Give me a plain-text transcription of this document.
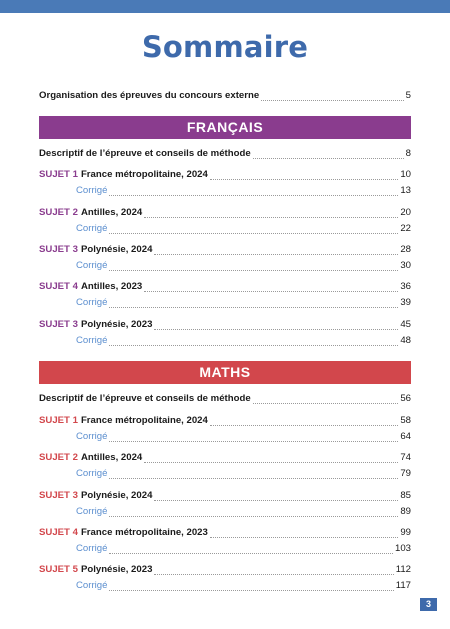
Sommaire
Organisation des épreuves du concours externe	5
FRANÇAIS
Descriptif de l’épreuve et conseils de méthode	8
SUJET 1 France métropolitaine, 2024	10
Corrigé	13
SUJET 2 Antilles, 2024	20
Corrigé	22
SUJET 3 Polynésie, 2024	28
Corrigé	30
SUJET 4 Antilles, 2023	36
Corrigé	39
SUJET 3 Polynésie, 2023	45
Corrigé	48
MATHS
Descriptif de l’épreuve et conseils de méthode	56
SUJET 1 France métropolitaine, 2024	58
Corrigé	64
SUJET 2 Antilles, 2024	74
Corrigé	79
SUJET 3 Polynésie, 2024	85
Corrigé	89
SUJET 4 France métropolitaine, 2023	99
Corrigé	103
SUJET 5 Polynésie, 2023	112
Corrigé	117
3
